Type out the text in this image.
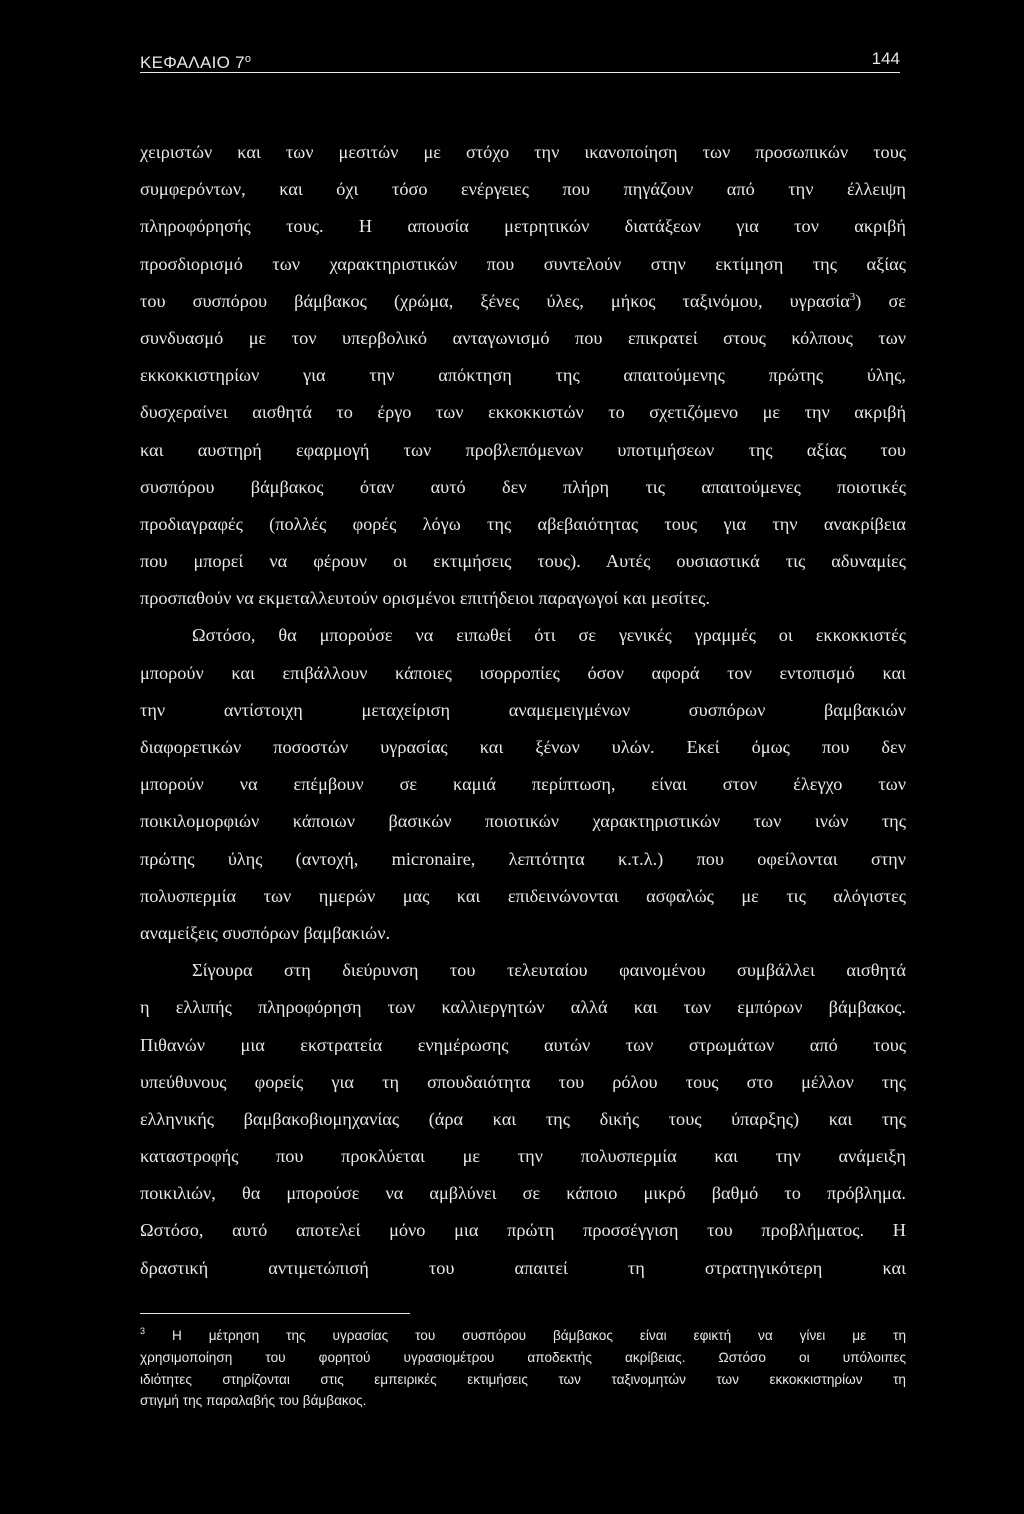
ΚΕΦΑΛΑΙΟ $7^o$	144
χειριστών και των μεσιτών με στόχο την ικανοποίηση των προσωπικών τους
συμφερόντων, και όχι τόσο ενέργειες που πηγάζουν από την έλλειψη
πληροφόρησής τους. Η απουσία μετρητικών διατάξεων για τον ακριβή
προσδιορισμό των χαρακτηριστικών που συντελούν στην εκτίμηση της αξίας
του συσπόρου βάμβακος (χρώμα, ξένες ύλες, μήκος ταξινόμου, υγρασία$^3$) σε
συνδυασμό με τον υπερβολικό ανταγωνισμό που επικρατεί στους κόλπους των
εκκοκκιστηρίων για την απόκτηση της απαιτούμενης πρώτης ύλης,
δυσχεραίνει αισθητά το έργο των εκκοκκιστών το σχετιζόμενο με την ακριβή
και αυστηρή εφαρμογή των προβλεπόμενων υποτιμήσεων της αξίας του
συσπόρου βάμβακος όταν αυτό δεν πλήρη τις απαιτούμενες ποιοτικές
προδιαγραφές (πολλές φορές λόγω της αβεβαιότητας τους για την ανακρίβεια
που μπορεί να φέρουν οι εκτιμήσεις τους). Αυτές ουσιαστικά τις αδυναμίες
προσπαθούν να εκμεταλλευτούν ορισμένοι επιτήδειοι παραγωγοί και μεσίτες.
Ωστόσο, θα μπορούσε να ειπωθεί ότι σε γενικές γραμμές οι εκκοκκιστές
μπορούν και επιβάλλουν κάποιες ισορροπίες όσον αφορά τον εντοπισμό και
την αντίστοιχη μεταχείριση αναμεμειγμένων συσπόρων βαμβακιών
διαφορετικών ποσοστών υγρασίας και ξένων υλών. Εκεί όμως που δεν
μπορούν να επέμβουν σε καμιά περίπτωση, είναι στον έλεγχο των
ποικιλομορφιών κάποιων βασικών ποιοτικών χαρακτηριστικών των ινών της
πρώτης ύλης (αντοχή, micronaire, λεπτότητα κ.τ.λ.) που οφείλονται στην
πολυσπερμία των ημερών μας και επιδεινώνονται ασφαλώς με τις αλόγιστες
αναμείξεις συσπόρων βαμβακιών.
Σίγουρα στη διεύρυνση του τελευταίου φαινομένου συμβάλλει αισθητά
η ελλιπής πληροφόρηση των καλλιεργητών αλλά και των εμπόρων βάμβακος.
Πιθανών μια εκστρατεία ενημέρωσης αυτών των στρωμάτων από τους
υπεύθυνους φορείς για τη σπουδαιότητα του ρόλου τους στο μέλλον της
ελληνικής βαμβακοβιομηχανίας (άρα και της δικής τους ύπαρξης) και της
καταστροφής που προκλύεται με την πολυσπερμία και την ανάμειξη
ποικιλιών, θα μπορούσε να αμβλύνει σε κάποιο μικρό βαθμό το πρόβλημα.
Ωστόσο, αυτό αποτελεί μόνο μια πρώτη προσσέγγιση του προβλήματος. Η
δραστική αντιμετώπισή του απαιτεί τη στρατηγικότερη και
$^3$ Η μέτρηση της υγρασίας του συσπόρου βάμβακος είναι εφικτή να γίνει με τη
χρησιμοποίηση του φορητού υγρασιομέτρου αποδεκτής ακρίβειας. Ωστόσο οι υπόλοιπες
ιδιότητες στηρίζονται στις εμπειρικές εκτιμήσεις των ταξινομητών των εκκοκκιστηρίων τη
στιγμή της παραλαβής του βάμβακος.
